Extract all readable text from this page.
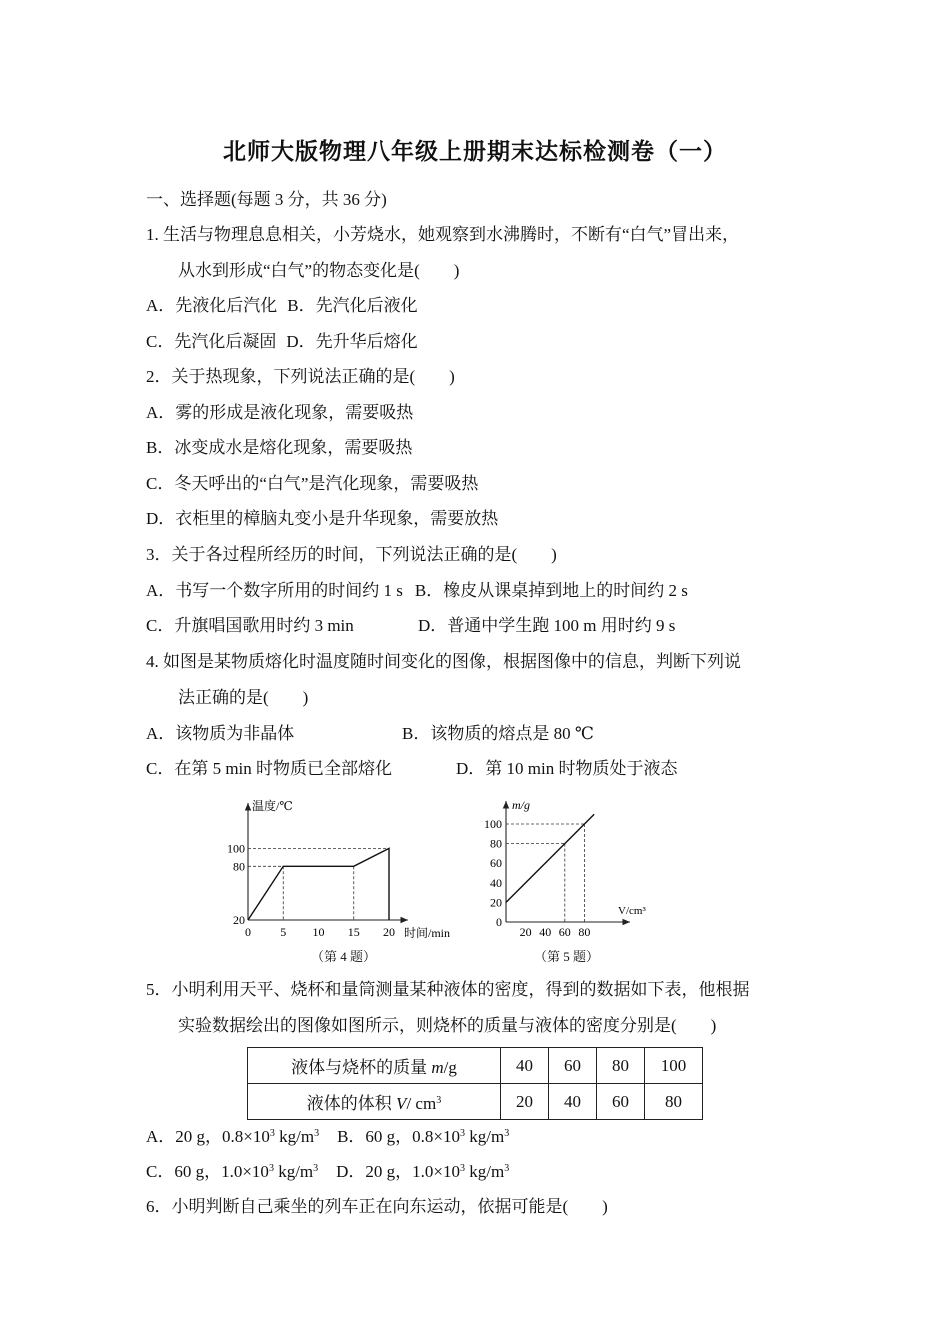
北师大版物理八年级上册期末达标检测卷（一）
一、选择题(每题 3 分，共 36 分)
1. 生活与物理息息相关，小芳烧水，她观察到水沸腾时，不断有“白气”冒出来，
从水到形成“白气”的物态变化是(　　)
A．先液化后汽化 B．先汽化后液化
C．先汽化后凝固 D．先升华后熔化
2．关于热现象，下列说法正确的是(　　)
A．雾的形成是液化现象，需要吸热
B．冰变成水是熔化现象，需要吸热
C．冬天呼出的“白气”是汽化现象，需要吸热
D．衣柜里的樟脑丸变小是升华现象，需要放热
3．关于各过程所经历的时间，下列说法正确的是(　　)
A．书写一个数字所用的时间约 1 s B．橡皮从课桌掉到地上的时间约 2 s
C．升旗唱国歌用时约 3 min	D．普通中学生跑 100 m 用时约 9 s
4. 如图是某物质熔化时温度随时间变化的图像，根据图像中的信息，判断下列说
法正确的是(　　)
A．该物质为非晶体	B．该物质的熔点是 80 ℃
C．在第 5 min 时物质已全部熔化	D．第 10 min 时物质处于液态
温度/℃
时间/min
0 5 10 15 20
20
80
100
（第 4 题）
m/g
V/cm³
20 40 60 80
0
20
40
60
80
100
（第 5 题）
5．小明利用天平、烧杯和量筒测量某种液体的密度，得到的数据如下表，他根据
实验数据绘出的图像如图所示，则烧杯的质量与液体的密度分别是(　　)
液体与烧杯的质量 m/g	40	60	80	100
液体的体积 V/ $cm^3$	20	40	60	80
A．20 g，$0.8\times 10^3$ $kg/m^3$ B．60 g，$0.8\times 10^3$ $kg/m^3$
C．60 g，$1.0\times 10^3$ $kg/m^3$ D．20 g，$1.0\times 10^3$ $kg/m^3$
6．小明判断自己乘坐的列车正在向东运动，依据可能是(　　)
